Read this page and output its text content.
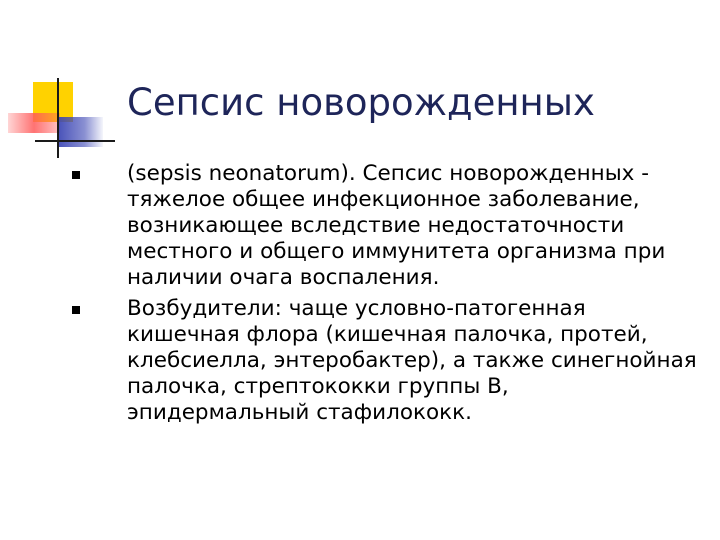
Сепсис новорожденных
(sepsis neonatorum). Сепсис новорожденных - тяжелое общее инфекционное заболевание, возникающее вследствие недостаточности местного и общего иммунитета организма при наличии очага воспаления.
Возбудители: чаще условно-патогенная кишечная флора (кишечная палочка, протей, клебсиелла, энтеробактер), а также синегнойная палочка, стрептококки группы В, эпидермальный стафилококк.
